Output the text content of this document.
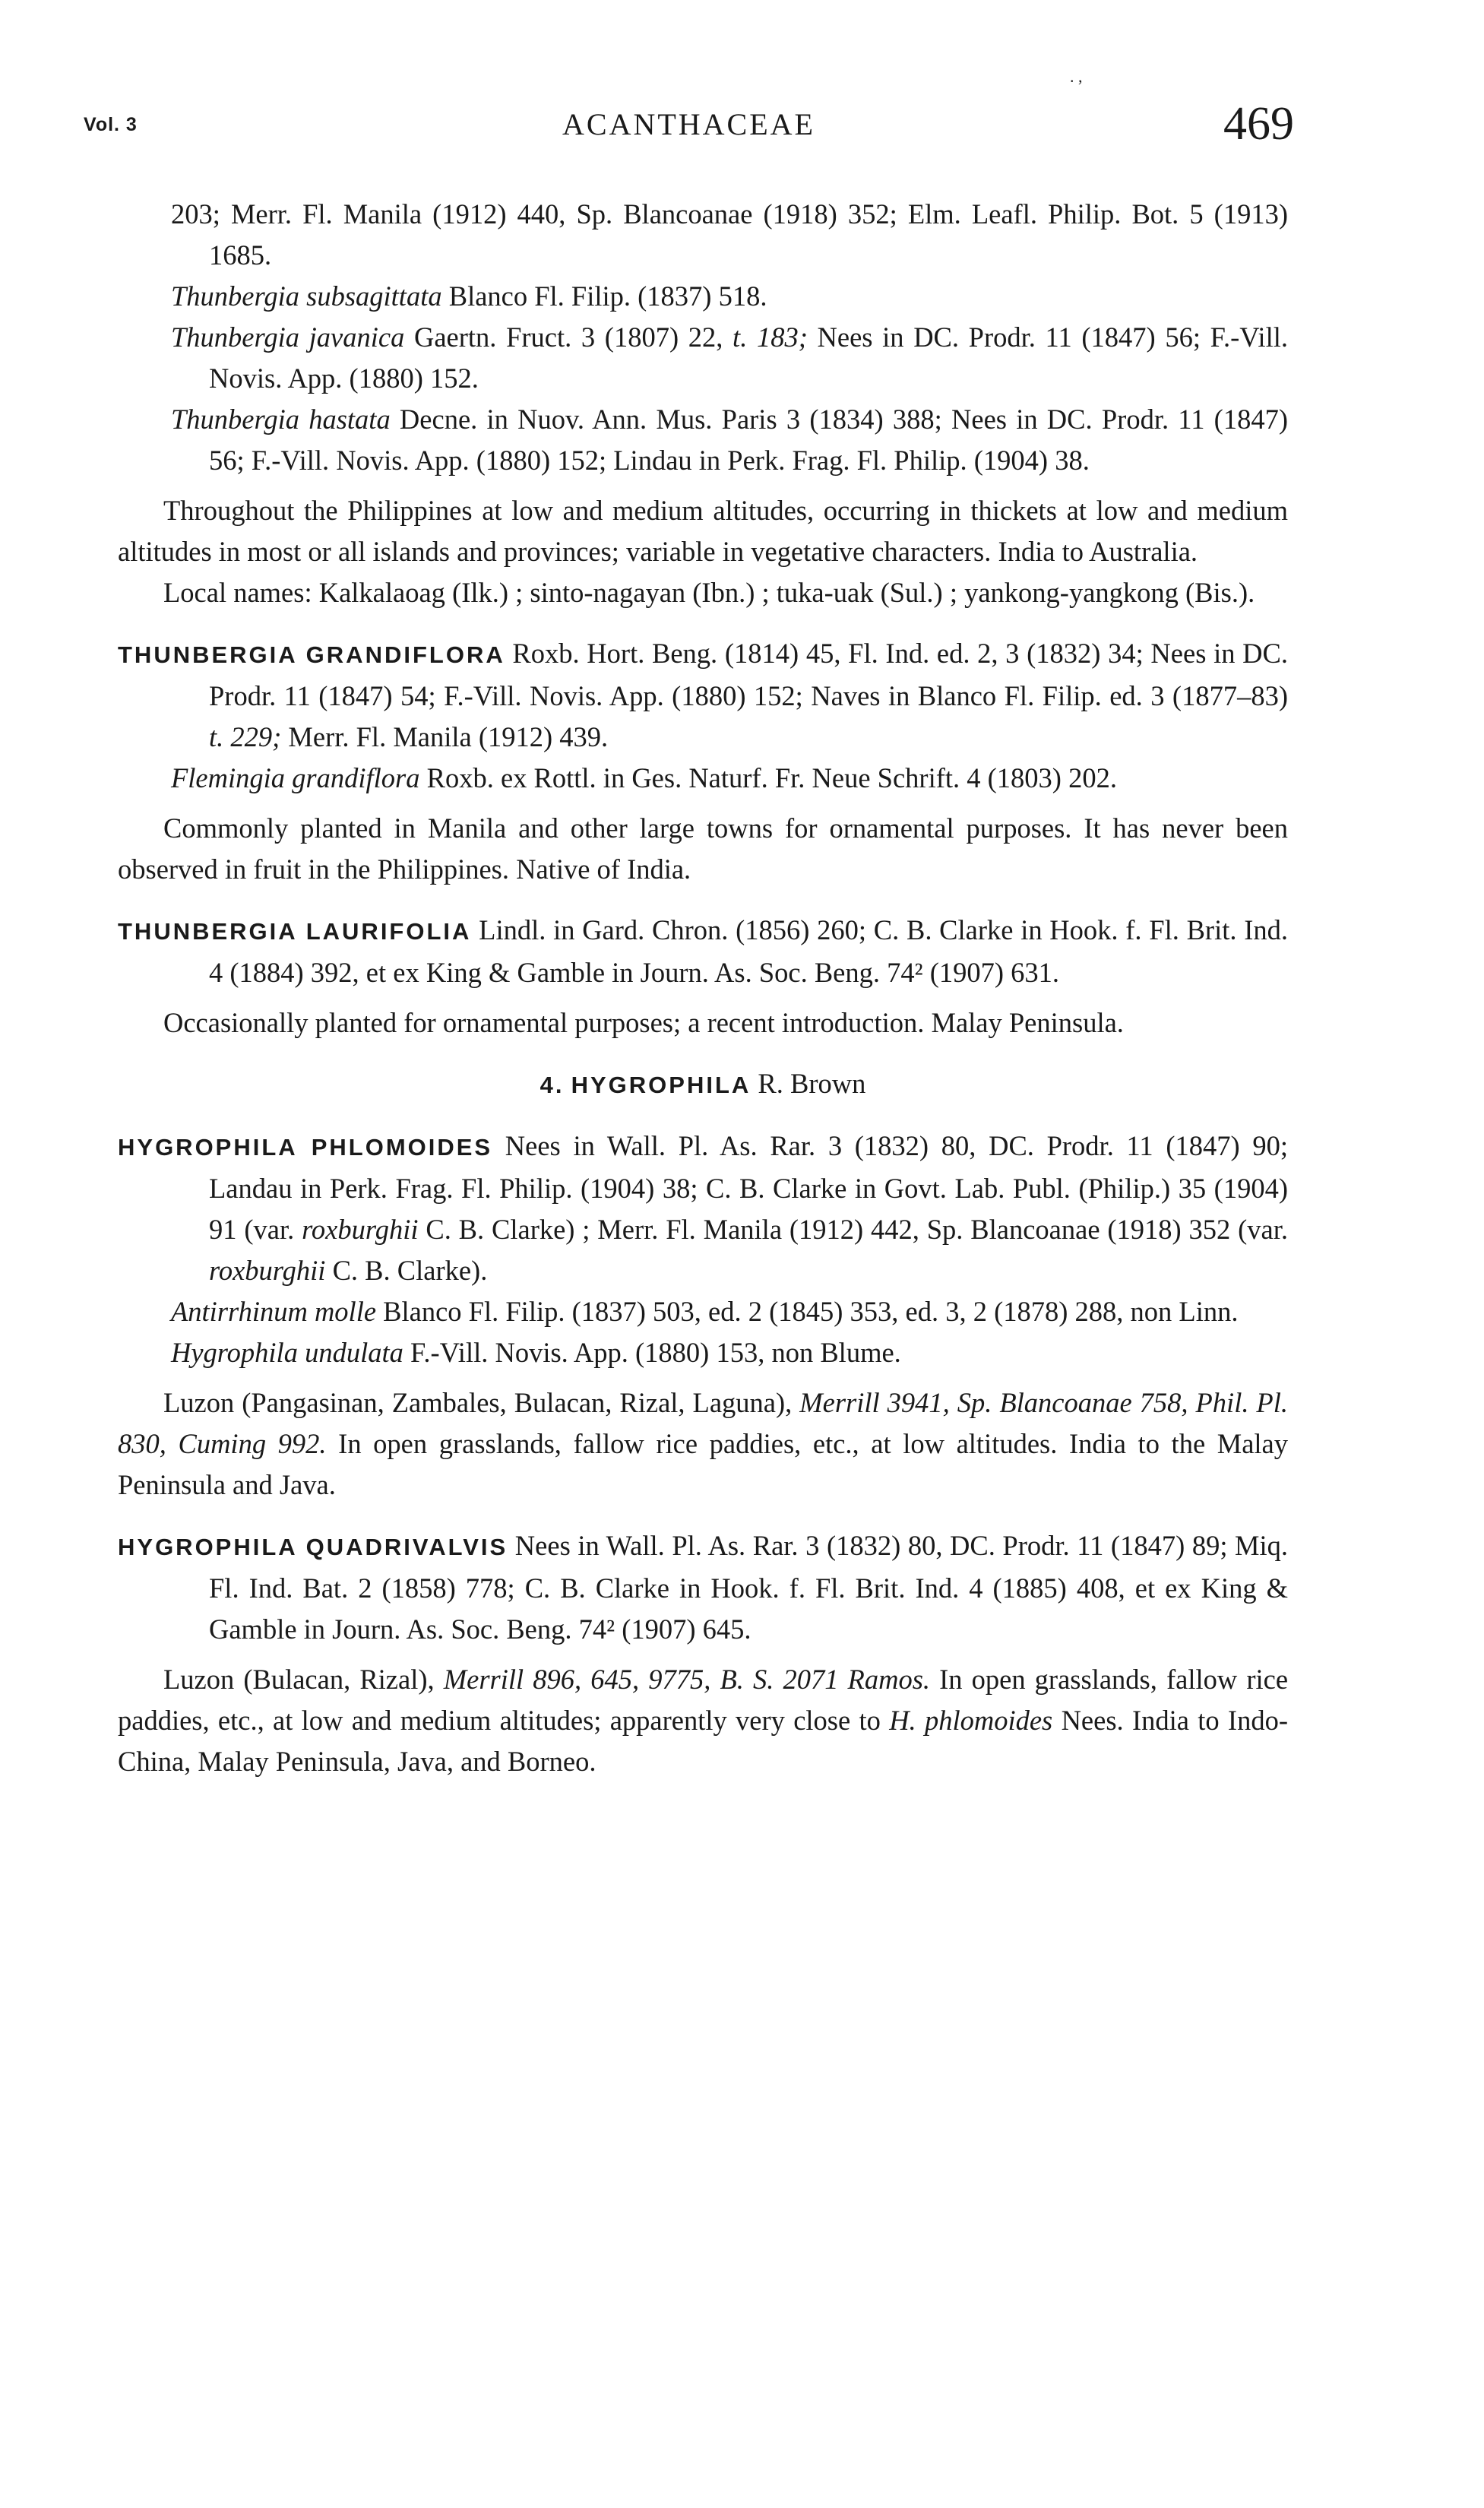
. ,
Vol. 3	ACANTHACEAE	469

203; Merr. Fl. Manila (1912) 440, Sp. Blancoanae (1918) 352; Elm. Leafl. Philip. Bot. 5 (1913) 1685.

Thunbergia subsagittata Blanco Fl. Filip. (1837) 518.

Thunbergia javanica Gaertn. Fruct. 3 (1807) 22, t. 183; Nees in DC. Prodr. 11 (1847) 56; F.-Vill. Novis. App. (1880) 152.

Thunbergia hastata Decne. in Nuov. Ann. Mus. Paris 3 (1834) 388; Nees in DC. Prodr. 11 (1847) 56; F.-Vill. Novis. App. (1880) 152; Lindau in Perk. Frag. Fl. Philip. (1904) 38.

Throughout the Philippines at low and medium altitudes, occurring in thickets at low and medium altitudes in most or all islands and provinces; variable in vegetative characters. India to Australia.

Local names: Kalkalaoag (Ilk.) ; sinto-nagayan (Ibn.) ; tuka-uak (Sul.) ; yankong-yangkong (Bis.).

THUNBERGIA GRANDIFLORA Roxb. Hort. Beng. (1814) 45, Fl. Ind. ed. 2, 3 (1832) 34; Nees in DC. Prodr. 11 (1847) 54; F.-Vill. Novis. App. (1880) 152; Naves in Blanco Fl. Filip. ed. 3 (1877–83) t. 229; Merr. Fl. Manila (1912) 439.

Flemingia grandiflora Roxb. ex Rottl. in Ges. Naturf. Fr. Neue Schrift. 4 (1803) 202.

Commonly planted in Manila and other large towns for ornamental purposes. It has never been observed in fruit in the Philippines. Native of India.

THUNBERGIA LAURIFOLIA Lindl. in Gard. Chron. (1856) 260; C. B. Clarke in Hook. f. Fl. Brit. Ind. 4 (1884) 392, et ex King & Gamble in Journ. As. Soc. Beng. 74² (1907) 631.

Occasionally planted for ornamental purposes; a recent introduction. Malay Peninsula.

4. HYGROPHILA R. Brown

HYGROPHILA PHLOMOIDES Nees in Wall. Pl. As. Rar. 3 (1832) 80, DC. Prodr. 11 (1847) 90; Landau in Perk. Frag. Fl. Philip. (1904) 38; C. B. Clarke in Govt. Lab. Publ. (Philip.) 35 (1904) 91 (var. roxburghii C. B. Clarke) ; Merr. Fl. Manila (1912) 442, Sp. Blancoanae (1918) 352 (var. roxburghii C. B. Clarke).

Antirrhinum molle Blanco Fl. Filip. (1837) 503, ed. 2 (1845) 353, ed. 3, 2 (1878) 288, non Linn.

Hygrophila undulata F.-Vill. Novis. App. (1880) 153, non Blume.

Luzon (Pangasinan, Zambales, Bulacan, Rizal, Laguna), Merrill 3941, Sp. Blancoanae 758, Phil. Pl. 830, Cuming 992. In open grasslands, fallow rice paddies, etc., at low altitudes. India to the Malay Peninsula and Java.

HYGROPHILA QUADRIVALVIS Nees in Wall. Pl. As. Rar. 3 (1832) 80, DC. Prodr. 11 (1847) 89; Miq. Fl. Ind. Bat. 2 (1858) 778; C. B. Clarke in Hook. f. Fl. Brit. Ind. 4 (1885) 408, et ex King & Gamble in Journ. As. Soc. Beng. 74² (1907) 645.

Luzon (Bulacan, Rizal), Merrill 896, 645, 9775, B. S. 2071 Ramos. In open grasslands, fallow rice paddies, etc., at low and medium altitudes; apparently very close to H. phlomoides Nees. India to Indo-China, Malay Peninsula, Java, and Borneo.
